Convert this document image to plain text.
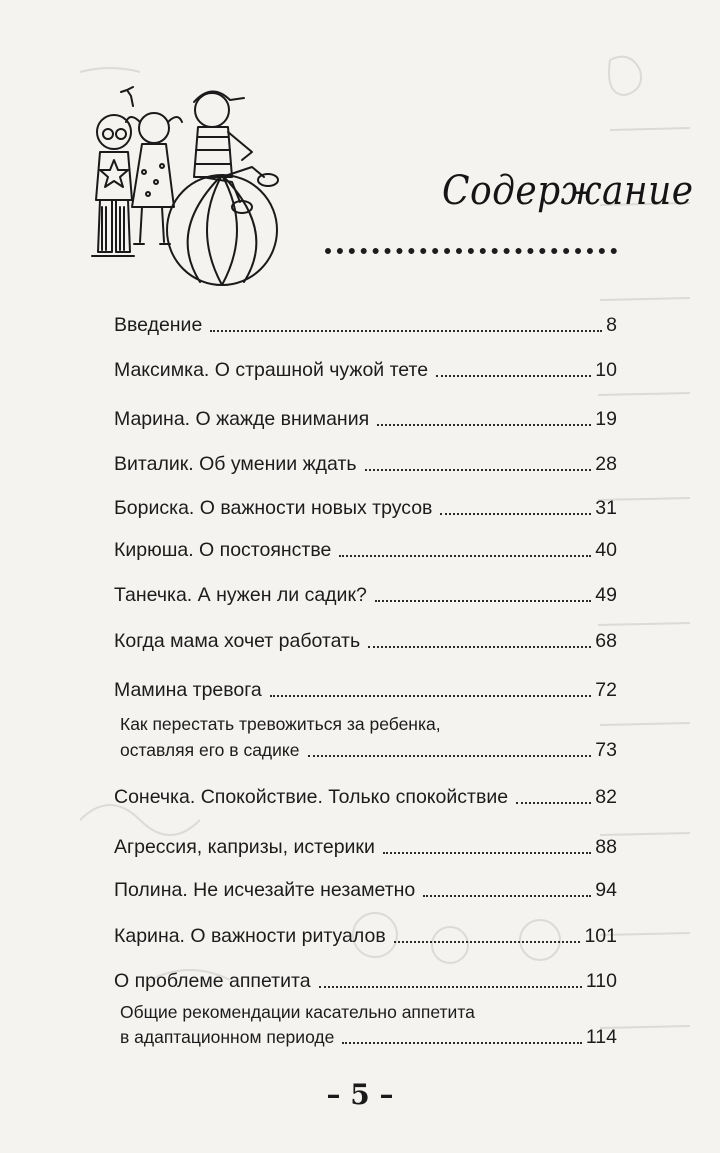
Содержание
Введение	8
Максимка. О страшной чужой тете	10
Марина. О жажде внимания	19
Виталик. Об умении ждать	28
Бориска. О важности новых трусов	31
Кирюша. О постоянстве	40
Танечка. А нужен ли садик?	49
Когда мама хочет работать	68
Мамина тревога	72
Как перестать тревожиться за ребенка,
оставляя его в садике	73
Сонечка. Спокойствие. Только спокойствие	82
Агрессия, капризы, истерики	88
Полина. Не исчезайте незаметно	94
Карина. О важности ритуалов	101
О проблеме аппетита	110
Общие рекомендации касательно аппетита
в адаптационном периоде	114
– 5 –
